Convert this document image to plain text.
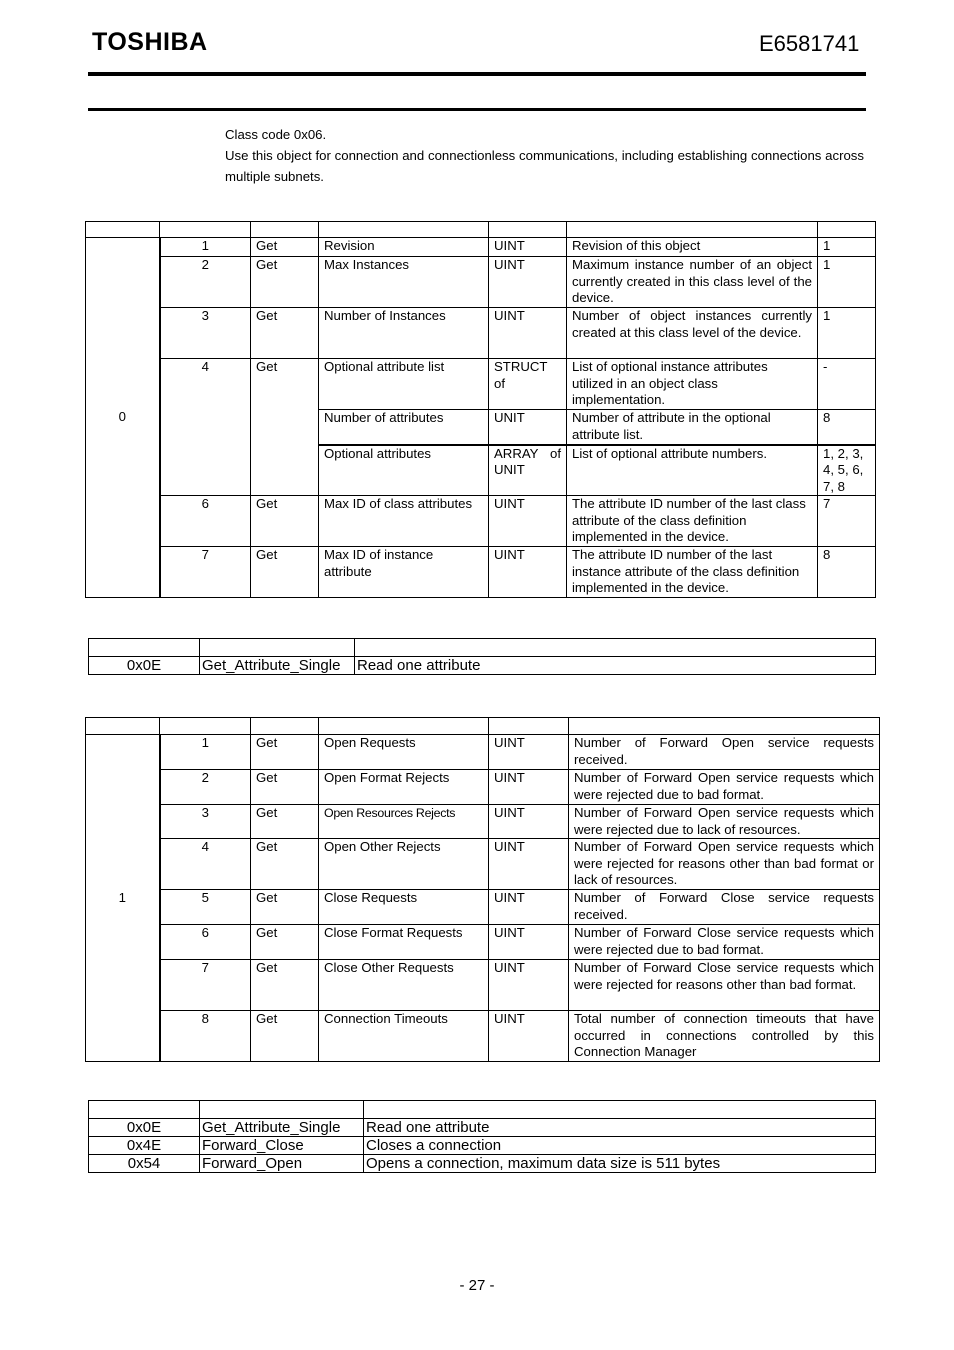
TOSHIBA	E6581741

Class code 0x06.

Use this object for connection and connectionless communications, including establishing connections across multiple subnets.

0	1	Get	Revision	UINT	Revision of this object	1
	2	Get	Max Instances	UINT	Maximum instance number of an object currently created in this class level of the device.	1
	3	Get	Number of Instances	UINT	Number of object instances currently created at this class level of the device.	1
	4	Get	Optional attribute list	STRUCT of	List of optional instance attributes utilized in an object class implementation.	-
			Number of attributes	UNIT	Number of attribute in the optional attribute list.	8
			Optional attributes	ARRAY of UNIT	List of optional attribute numbers.	1, 2, 3, 4, 5, 6, 7, 8
	6	Get	Max ID of class attributes	UINT	The attribute ID number of the last class attribute of the class definition implemented in the device.	7
	7	Get	Max ID of instance attribute	UINT	The attribute ID number of the last instance attribute of the class definition implemented in the device.	8

0x0E	Get_Attribute_Single	Read one attribute

1	1	Get	Open Requests	UINT	Number of Forward Open service requests received.
	2	Get	Open Format Rejects	UINT	Number of Forward Open service requests which were rejected due to bad format.
	3	Get	Open Resources Rejects	UINT	Number of Forward Open service requests which were rejected due to lack of resources.
	4	Get	Open Other Rejects	UINT	Number of Forward Open service requests which were rejected for reasons other than bad format or lack of resources.
	5	Get	Close Requests	UINT	Number of Forward Close service requests received.
	6	Get	Close Format Requests	UINT	Number of Forward Close service requests which were rejected due to bad format.
	7	Get	Close Other Requests	UINT	Number of Forward Close service requests which were rejected for reasons other than bad format.
	8	Get	Connection Timeouts	UINT	Total number of connection timeouts that have occurred in connections controlled by this Connection Manager

0x0E	Get_Attribute_Single	Read one attribute
0x4E	Forward_Close	Closes a connection
0x54	Forward_Open	Opens a connection, maximum data size is 511 bytes
- 27 -
